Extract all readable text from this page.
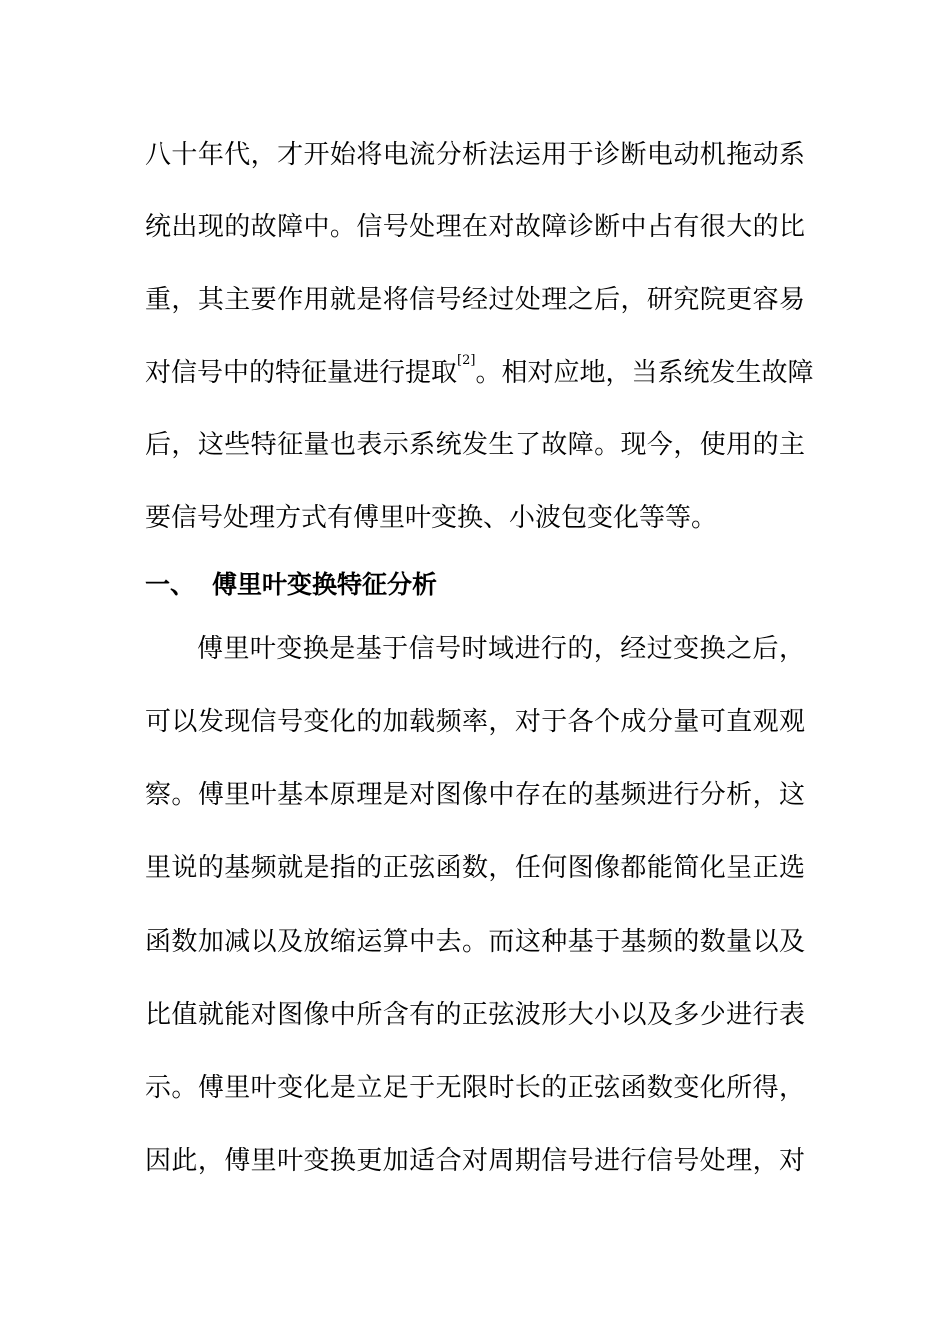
八十年代，才开始将电流分析法运用于诊断电动机拖动系
统出现的故障中。信号处理在对故障诊断中占有很大的比
重，其主要作用就是将信号经过处理之后，研究院更容易
对信号中的特征量进行提取[2]。相对应地，当系统发生故障
后，这些特征量也表示系统发生了故障。现今，使用的主
要信号处理方式有傅里叶变换、小波包变化等等。
一、 傅里叶变换特征分析
傅里叶变换是基于信号时域进行的，经过变换之后，
可以发现信号变化的加载频率，对于各个成分量可直观观
察。傅里叶基本原理是对图像中存在的基频进行分析，这
里说的基频就是指的正弦函数，任何图像都能简化呈正选
函数加减以及放缩运算中去。而这种基于基频的数量以及
比值就能对图像中所含有的正弦波形大小以及多少进行表
示。傅里叶变化是立足于无限时长的正弦函数变化所得，
因此，傅里叶变换更加适合对周期信号进行信号处理，对
